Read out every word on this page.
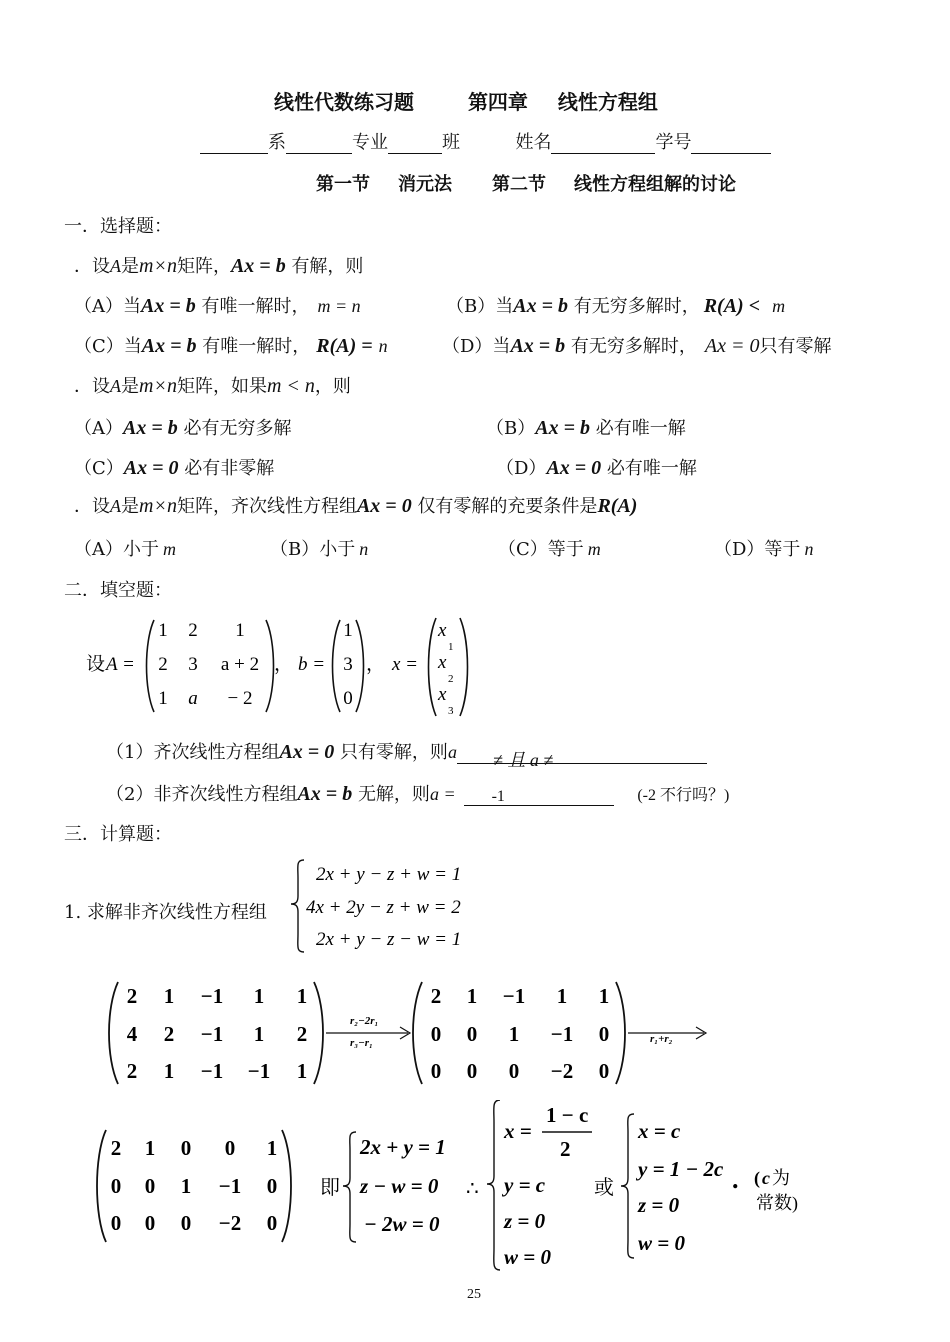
线性代数练习题	第四章 线性方程组
系	专业	班	姓名	学号
第一节 消元法 第二节 线性方程组解的讨论
一．选择题：
．设A是m×n矩阵，Ax = b 有解，则
（A）当Ax = b 有唯一解时， m = n	（B）当Ax = b 有无穷多解时， R(A) < m
（C）当Ax = b 有唯一解时， R(A) = n	（D）当Ax = b 有无穷多解时， Ax = 0只有零解
．设A是m×n矩阵，如果m < n，则
（A）Ax = b 必有无穷多解	（B）Ax = b 必有唯一解
（C）Ax = 0 必有非零解	（D）Ax = 0 必有唯一解
．设A是m×n矩阵，齐次线性方程组Ax = 0 仅有零解的充要条件是R(A)
（A）小于 m	（B）小于 n	（C）等于 m	（D）等于 n
二．填空题：
设 A =
1 2 1
2 3 a + 2
1 a − 2
， b =
1
3
0
， x =
x
x
x
1
2
3
（1）齐次线性方程组Ax = 0 只有零解，则a ≠ 且 a ≠
（2）非齐次线性方程组Ax = b 无解，则a = -1	(-2 不行吗？)
三．计算题：
1. 求解非齐次线性方程组
2x + y − z + w = 1
4x + 2y − z + w = 2
2x + y − z − w = 1
2 1 −1 1 1
4 2 −1 1 2
2 1 −1 −1 1
r₂−2r₁
r₃−r₁
2 1 −1 1 1
0 0 1 −1 0
0 0 0 −2 0
r₁+r₂
2 1 0 0 1
0 0 1 −1 0
0 0 0 −2 0
即
2x + y = 1
z − w = 0
− 2w = 0
∴
x =
1 − c
2
y = c
z = 0
w = 0
或
x = c
y = 1 − 2c
z = 0
w = 0
. ( c 为
常数)
25
